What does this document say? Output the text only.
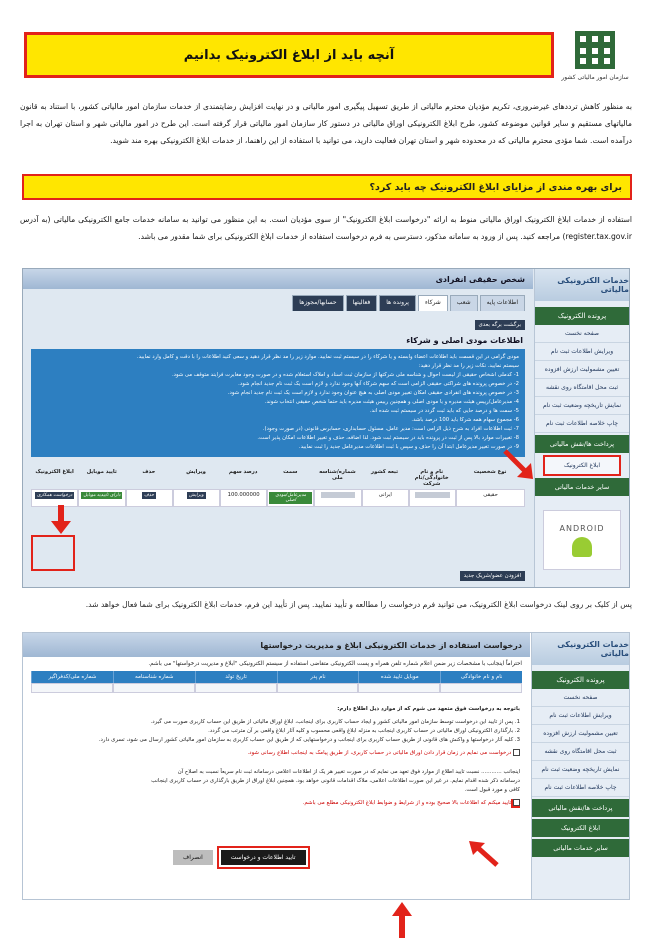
سازمان امور مالیاتی کشور
آنچه باید از ابلاغ الکترونیک بدانیم

به منظور کاهش ترددهای غیرضروری، تکریم مؤدیان محترم مالیاتی از طریق تسهیل پیگیری امور مالیاتی و در نهایت افزایش رضایتمندی از خدمات سازمان امور مالیاتی کشور، با استناد به قانون مالیاتهای مستقیم و سایر قوانین موضوعه کشور، طرح ابلاغ الکترونیکی اوراق مالیاتی در دستور کار سازمان امور مالیاتی قرار گرفته است. این طرح در امور مالیاتی شهر و استان تهران به اجرا درآمده است. شما مؤدی محترم مالیاتی که در محدوده شهر و استان تهران فعالیت دارید، می توانید با استفاده از این راهنما، از خدمات ابلاغ الکترونیکی بهره مند شوید.

برای بهره مندی از مزایای ابلاغ الکترونیک چه باید کرد؟

استفاده از خدمات ابلاغ الکترونیک اوراق مالیاتی منوط به ارائه "درخواست ابلاغ الکترونیک" از سوی مؤدیان است. به این منظور می توانید به سامانه خدمات جامع الکترونیکی مالیاتی (به آدرس register.tax.gov.ir) مراجعه کنید. پس از ورود به سامانه مذکور، دسترسی به فرم درخواست استفاده از خدمات ابلاغ الکترونیکی برای شما مقدور می باشد.

خدمات الکترونیکی مالیاتی
پرونده الکترونیک
صفحه نخست
ویرایش اطلاعات ثبت نام
تعیین مشمولیت ارزش افزوده
ثبت محل اقامتگاه روی نقشه
نمایش تاریخچه وضعیت ثبت نام
چاپ خلاصه اطلاعات ثبت نام
پرداخت ها/نقش مالیاتی
ابلاغ الکترونیک
سایر خدمات مالیاتی
ANDROID
شخص حقیقی انفرادی
اطلاعات پایه
شعب
شرکاء
پرونده ها
فعالیتها
حسابها/مجوزها
برگشت برگه بعدی
اطلاعات مودی اصلی و شرکاء
مودی گرامی در این قسمت باید اطلاعات اعضاء وابسته و یا شرکاء را در سیستم ثبت نمایید. موارد زیر را مد نظر قرار دهید و سعی کنید اطلاعات را با دقت و کامل وارد نمایید.
سیستم نمایید. نکات زیر را مد نظر قرار دهید:
1- کدملی اشخاص حقیقی از لیست احوال و شناسه ملی شرکتها از سازمان ثبت اسناد و املاک استعلام شده و در صورت وجود مغایرت فرایند متوقف می شود.
2- در خصوص پرونده های شراکتی حقیقی الزامی است که سهم شرکاء آنها وجود ندارد و لازم است یک ثبت نام جدید انجام شود.
3- در خصوص پرونده های انفرادی حقیقی امکان تغییر مودی اصلی به هیچ عنوان وجود ندارد و لازم است یک ثبت نام جدید انجام شود.
4- مدیرعامل/رییس هیئت مدیره و یا مودی اصلی و همچنین رییس هیئت مدیره باید حتما شخص حقیقی انتخاب شوند.
5- سمت ها و درصد حایی که باید ثبت گردد در سیستم ثبت شده اند.
6- مجموع سهام همه شرکا باید 100 درصد باشد.
7- ثبت اطلاعات افراد به شرح ذیل الزامی است: مدیر عامل، مسئول حسابداری، حسابرس قانونی (در صورت وجود).
8- تغییرات موارد بالا پس از ثبت در پرونده باید در سیستم ثبت شود. لذا اضافه، حذف و تغییر اطلاعات امکان پذیر است.
9- در صورت تغییر مدیرعامل ابتدا آن را حذف و سپس با ثبت اطلاعات مدیرعامل جدید را ثبت نمایید.
نوع شخصیت
نام و نام خانوادگی/نام شرکت
تبعه کشور
شماره/شناسه ملی
سمت
درصد سهم
ویرایش
حذف
تایید موبایل
ابلاغ الکترونیک
حقیقی
ایرانی
مدیرعامل/مودی اصلی
100.000000
ویرایش
حذف
دارای تاییدیه موبایل
درخواست همکاری
افزودن عضو/شریک جدید

پس از کلیک بر روی لینک درخواست ابلاغ الکترونیک، می توانید فرم درخواست را مطالعه و تأیید نمایید. پس از تأیید این فرم، خدمات ابلاغ الکترونیک برای شما فعال خواهد شد.

خدمات الکترونیکی مالیاتی
پرونده الکترونیک
صفحه نخست
ویرایش اطلاعات ثبت نام
تعیین مشمولیت ارزش افزوده
ثبت محل اقامتگاه روی نقشه
نمایش تاریخچه وضعیت ثبت نام
چاپ خلاصه اطلاعات ثبت نام
پرداخت ها/نقش مالیاتی
ابلاغ الکترونیک
سایر خدمات مالیاتی
درخواست استفاده از خدمات الکترونیکی ابلاغ و مدیریت درخواستها
احتراماً اینجانب با مشخصات زیر ضمن اعلام شماره تلفن همراه و پست الکترونیکی متقاضی استفاده از سیستم الکترونیکی "ابلاغ و مدیریت درخواستها" می باشم.
نام و نام خانوادگی
موبایل تایید شده
نام پدر
تاریخ تولد
شماره شناسنامه
شماره ملی/کدفراگیر
باتوجه به درخواست فوق متعهد می شوم که از موارد ذیل اطلاع دارم:
1. پس از تایید این درخواست توسط سازمان امور مالیاتی کشور و ایجاد حساب کاربری برای اینجانب، ابلاغ اوراق مالیاتی از طریق این حساب کاربری صورت می گیرد.
2. بارگذاری الکترونیکی اوراق مالیاتی در حساب کاربری اینجانب به منزله ابلاغ واقعی محسوب و کلیه آثار ابلاغ واقعی بر آن مترتب می گردد.
3. کلیه آثار درخواستها و واکنش های قانونی از طریق حساب کاربری برای اینجانب و درخواستهایی که از طریق این حساب کاربری به سازمان امور مالیاتی کشور ارسال می شود، تسری دارد.
درخواست می نمایم در زمان قرار دادن اوراق مالیاتی در حساب کاربری، از طریق پیامک به اینجانب اطلاع رسانی شود.
اینجانب ............ نسبت تایید اطلاع از موارد فوق تعهد می نمایم که در صورت تغییر هر یک از اطلاعات اعلامی درسامانه ثبت نام سریعاً نسبت به اصلاح آن
درسامانه ذکر شده اقدام نمایم. در غیر این صورت اطلاعات اعلامی، ملاک اقدامات قانونی خواهد بود. همچنین ابلاغ اوراق از طریق بارگذاری در حساب کاربری اینجانب
کافی و مورد قبول است.
تایید میکنم که اطلاعات بالا صحیح بوده و از شرایط و ضوابط ابلاغ الکترونیکی مطلع می باشم.
تایید اطلاعات و درخواست
انصراف
